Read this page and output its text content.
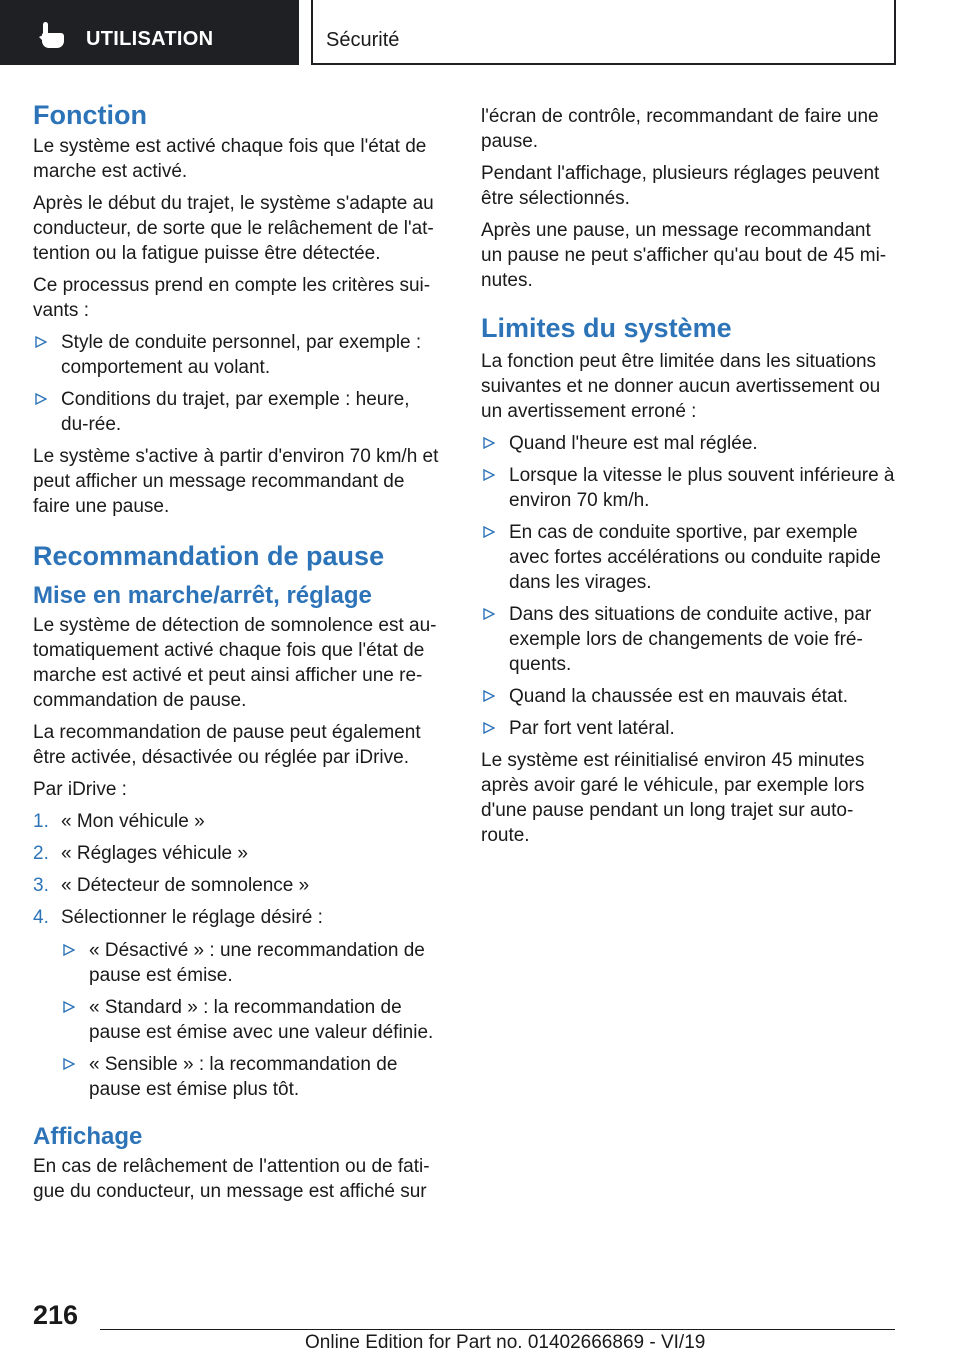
UTILISATION	Sécurité
Fonction

Le système est activé chaque fois que l'état de marche est activé.

Après le début du trajet, le système s'adapte au conducteur, de sorte que le relâchement de l'at‐tention ou la fatigue puisse être détectée.

Ce processus prend en compte les critères sui‐vants :

Style de conduite personnel, par exemple : comportement au volant.
Conditions du trajet, par exemple : heure, du‐rée.

Le système s'active à partir d'environ 70 km/h et peut afficher un message recommandant de faire une pause.

Recommandation de pause
Mise en marche/arrêt, réglage

Le système de détection de somnolence est au‐tomatiquement activé chaque fois que l'état de marche est activé et peut ainsi afficher une re‐commandation de pause.

La recommandation de pause peut également être activée, désactivée ou réglée par iDrive.

Par iDrive :

1. « Mon véhicule »
2. « Réglages véhicule »
3. « Détecteur de somnolence »
4. Sélectionner le réglage désiré :
« Désactivé » : une recommandation de pause est émise.
« Standard » : la recommandation de pause est émise avec une valeur définie.
« Sensible » : la recommandation de pause est émise plus tôt.
Affichage

En cas de relâchement de l'attention ou de fati‐gue du conducteur, un message est affiché sur

l'écran de contrôle, recommandant de faire une pause.

Pendant l'affichage, plusieurs réglages peuvent être sélectionnés.

Après une pause, un message recommandant un pause ne peut s'afficher qu'au bout de 45 mi‐nutes.

Limites du système

La fonction peut être limitée dans les situations suivantes et ne donner aucun avertissement ou un avertissement erroné :

Quand l'heure est mal réglée.
Lorsque la vitesse le plus souvent inférieure à environ 70 km/h.
En cas de conduite sportive, par exemple avec fortes accélérations ou conduite rapide dans les virages.
Dans des situations de conduite active, par exemple lors de changements de voie fré‐quents.
Quand la chaussée est en mauvais état.
Par fort vent latéral.

Le système est réinitialisé environ 45 minutes après avoir garé le véhicule, par exemple lors d'une pause pendant un long trajet sur auto‐route.

216
Online Edition for Part no. 01402666869 - VI/19
